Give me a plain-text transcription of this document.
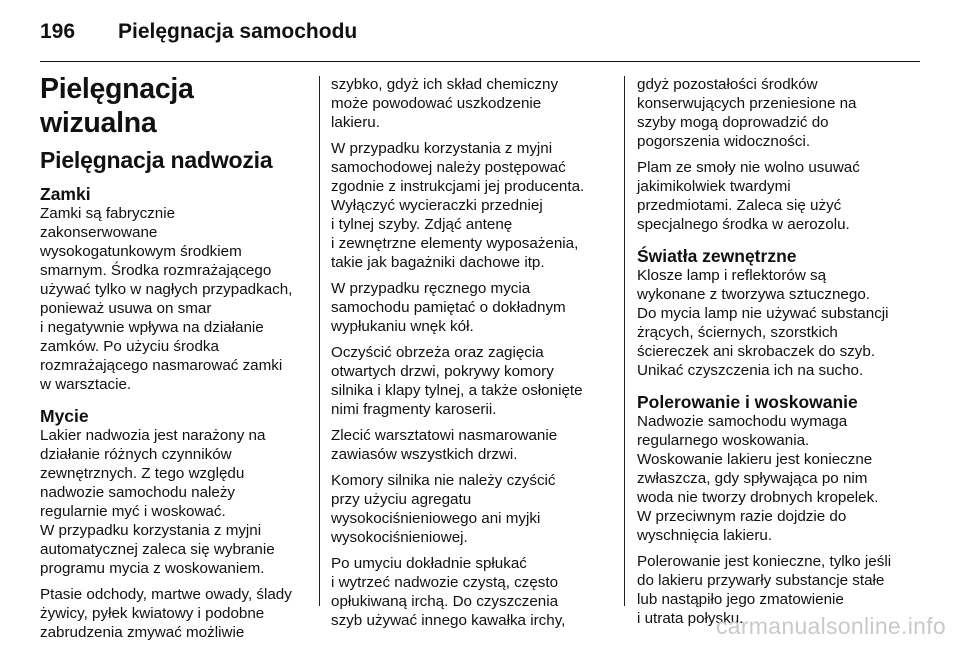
196 Pielęgnacja samochodu
Pielęgnacja wizualna
Pielęgnacja nadwozia
Zamki

Zamki są fabrycznie
zakonserwowane
wysokogatunkowym środkiem
smarnym. Środka rozmrażającego
używać tylko w nagłych przypadkach,
ponieważ usuwa on smar
i negatywnie wpływa na działanie
zamków. Po użyciu środka
rozmrażającego nasmarować zamki
w warsztacie.

Mycie

Lakier nadwozia jest narażony na
działanie różnych czynników
zewnętrznych. Z tego względu
nadwozie samochodu należy
regularnie myć i woskować.
W przypadku korzystania z myjni
automatycznej zaleca się wybranie
programu mycia z woskowaniem.

Ptasie odchody, martwe owady, ślady
żywicy, pyłek kwiatowy i podobne
zabrudzenia zmywać możliwie

szybko, gdyż ich skład chemiczny
może powodować uszkodzenie
lakieru.

W przypadku korzystania z myjni
samochodowej należy postępować
zgodnie z instrukcjami jej producenta.
Wyłączyć wycieraczki przedniej
i tylnej szyby. Zdjąć antenę
i zewnętrzne elementy wyposażenia,
takie jak bagażniki dachowe itp.

W przypadku ręcznego mycia
samochodu pamiętać o dokładnym
wypłukaniu wnęk kół.

Oczyścić obrzeża oraz zagięcia
otwartych drzwi, pokrywy komory
silnika i klapy tylnej, a także osłonięte
nimi fragmenty karoserii.

Zlecić warsztatowi nasmarowanie
zawiasów wszystkich drzwi.

Komory silnika nie należy czyścić
przy użyciu agregatu
wysokociśnieniowego ani myjki
wysokociśnieniowej.

Po umyciu dokładnie spłukać
i wytrzeć nadwozie czystą, często
opłukiwaną irchą. Do czyszczenia
szyb używać innego kawałka irchy,

gdyż pozostałości środków
konserwujących przeniesione na
szyby mogą doprowadzić do
pogorszenia widoczności.

Plam ze smoły nie wolno usuwać
jakimikolwiek twardymi
przedmiotami. Zaleca się użyć
specjalnego środka w aerozolu.

Światła zewnętrzne

Klosze lamp i reflektorów są
wykonane z tworzywa sztucznego.
Do mycia lamp nie używać substancji
żrących, ściernych, szorstkich
ściereczek ani skrobaczek do szyb.
Unikać czyszczenia ich na sucho.

Polerowanie i woskowanie

Nadwozie samochodu wymaga
regularnego woskowania.
Woskowanie lakieru jest konieczne
zwłaszcza, gdy spływająca po nim
woda nie tworzy drobnych kropelek.
W przeciwnym razie dojdzie do
wyschnięcia lakieru.

Polerowanie jest konieczne, tylko jeśli
do lakieru przywarły substancje stałe
lub nastąpiło jego zmatowienie
i utrata połysku.

carmanualsonline.info
